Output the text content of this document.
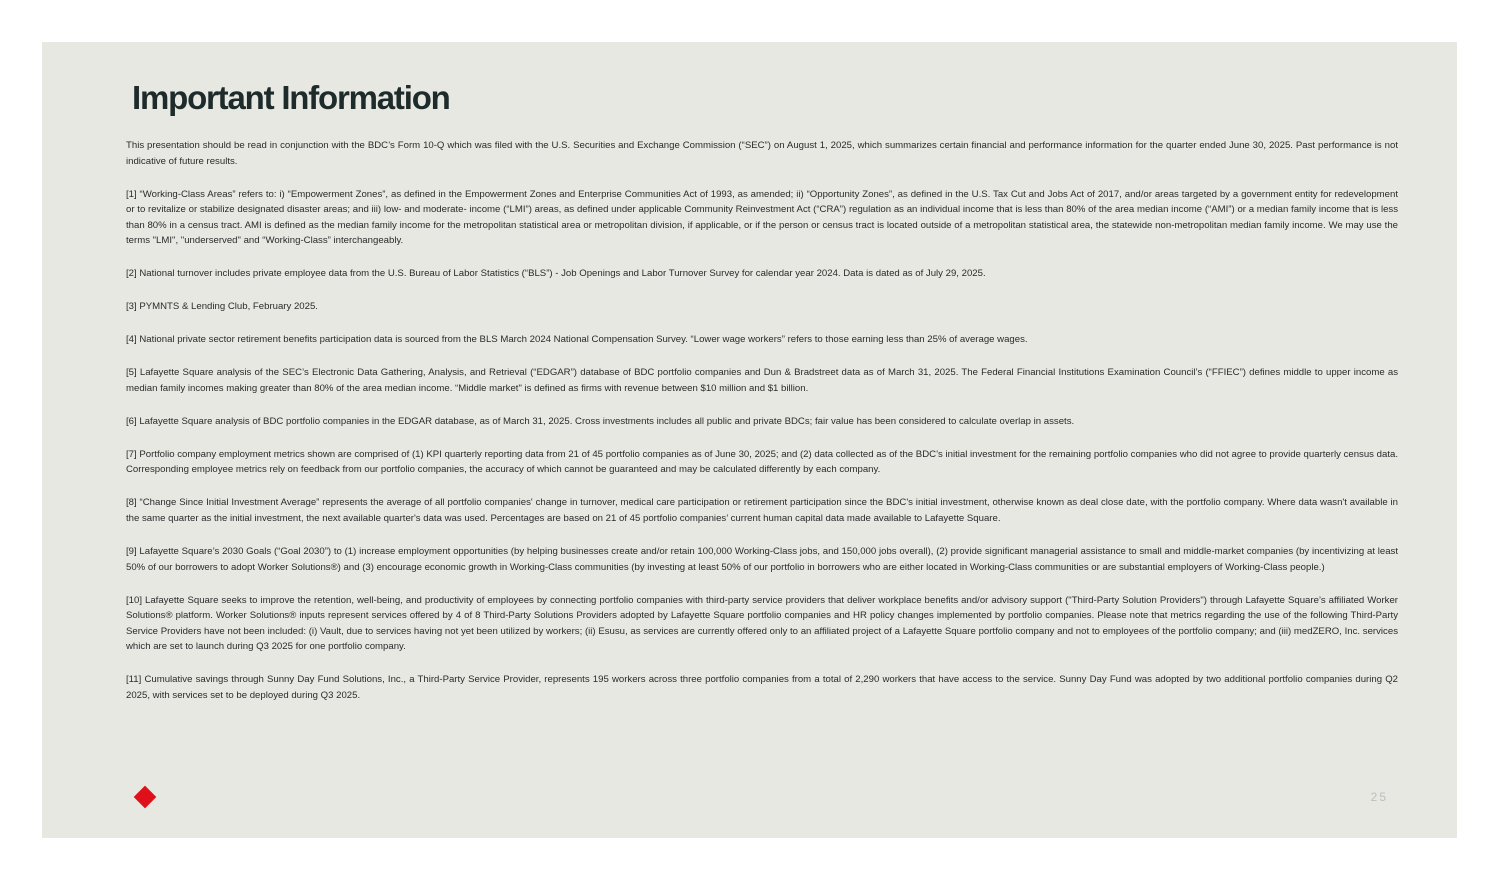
Important Information

This presentation should be read in conjunction with the BDC’s Form 10-Q which was filed with the U.S. Securities and Exchange Commission (“SEC”) on August 1, 2025, which summarizes certain financial and performance information for the quarter ended June 30, 2025. Past performance is not indicative of future results.

[1] “Working-Class Areas” refers to: i) “Empowerment Zones”, as defined in the Empowerment Zones and Enterprise Communities Act of 1993, as amended; ii) “Opportunity Zones”, as defined in the U.S. Tax Cut and Jobs Act of 2017, and/or areas targeted by a government entity for redevelopment or to revitalize or stabilize designated disaster areas; and iii) low- and moderate- income (“LMI”) areas, as defined under applicable Community Reinvestment Act (“CRA”) regulation as an individual income that is less than 80% of the area median income (“AMI”) or a median family income that is less than 80% in a census tract. AMI is defined as the median family income for the metropolitan statistical area or metropolitan division, if applicable, or if the person or census tract is located outside of a metropolitan statistical area, the statewide non-metropolitan median family income. We may use the terms "LMI", "underserved" and “Working-Class” interchangeably.

[2] National turnover includes private employee data from the U.S. Bureau of Labor Statistics (“BLS”) - Job Openings and Labor Turnover Survey for calendar year 2024. Data is dated as of July 29, 2025.

[3] PYMNTS & Lending Club, February 2025.

[4] National private sector retirement benefits participation data is sourced from the BLS March 2024 National Compensation Survey. “Lower wage workers” refers to those earning less than 25% of average wages.

[5] Lafayette Square analysis of the SEC’s Electronic Data Gathering, Analysis, and Retrieval (“EDGAR”) database of BDC portfolio companies and Dun & Bradstreet data as of March 31, 2025. The Federal Financial Institutions Examination Council’s (“FFIEC”) defines middle to upper income as median family incomes making greater than 80% of the area median income. “Middle market" is defined as firms with revenue between $10 million and $1 billion.

[6] Lafayette Square analysis of BDC portfolio companies in the EDGAR database, as of March 31, 2025. Cross investments includes all public and private BDCs; fair value has been considered to calculate overlap in assets.

[7] Portfolio company employment metrics shown are comprised of (1) KPI quarterly reporting data from 21 of 45 portfolio companies as of June 30, 2025; and (2) data collected as of the BDC’s initial investment for the remaining portfolio companies who did not agree to provide quarterly census data. Corresponding employee metrics rely on feedback from our portfolio companies, the accuracy of which cannot be guaranteed and may be calculated differently by each company.

[8] “Change Since Initial Investment Average” represents the average of all portfolio companies' change in turnover, medical care participation or retirement participation since the BDC's initial investment, otherwise known as deal close date, with the portfolio company. Where data wasn't available in the same quarter as the initial investment, the next available quarter's data was used. Percentages are based on 21 of 45 portfolio companies’ current human capital data made available to Lafayette Square.

[9] Lafayette Square’s 2030 Goals (“Goal 2030”) to (1) increase employment opportunities (by helping businesses create and/or retain 100,000 Working-Class jobs, and 150,000 jobs overall), (2) provide significant managerial assistance to small and middle-market companies (by incentivizing at least 50% of our borrowers to adopt Worker Solutions®) and (3) encourage economic growth in Working-Class communities (by investing at least 50% of our portfolio in borrowers who are either located in Working-Class communities or are substantial employers of Working-Class people.)

[10] Lafayette Square seeks to improve the retention, well-being, and productivity of employees by connecting portfolio companies with third-party service providers that deliver workplace benefits and/or advisory support ("Third-Party Solution Providers") through Lafayette Square’s affiliated Worker Solutions® platform. Worker Solutions® inputs represent services offered by 4 of 8 Third-Party Solutions Providers adopted by Lafayette Square portfolio companies and HR policy changes implemented by portfolio companies. Please note that metrics regarding the use of the following Third-Party Service Providers have not been included: (i) Vault, due to services having not yet been utilized by workers; (ii) Esusu, as services are currently offered only to an affiliated project of a Lafayette Square portfolio company and not to employees of the portfolio company; and (iii) medZERO, Inc. services which are set to launch during Q3 2025 for one portfolio company.

[11] Cumulative savings through Sunny Day Fund Solutions, Inc., a Third-Party Service Provider, represents 195 workers across three portfolio companies from a total of 2,290 workers that have access to the service. Sunny Day Fund was adopted by two additional portfolio companies during Q2 2025, with services set to be deployed during Q3 2025.

25
